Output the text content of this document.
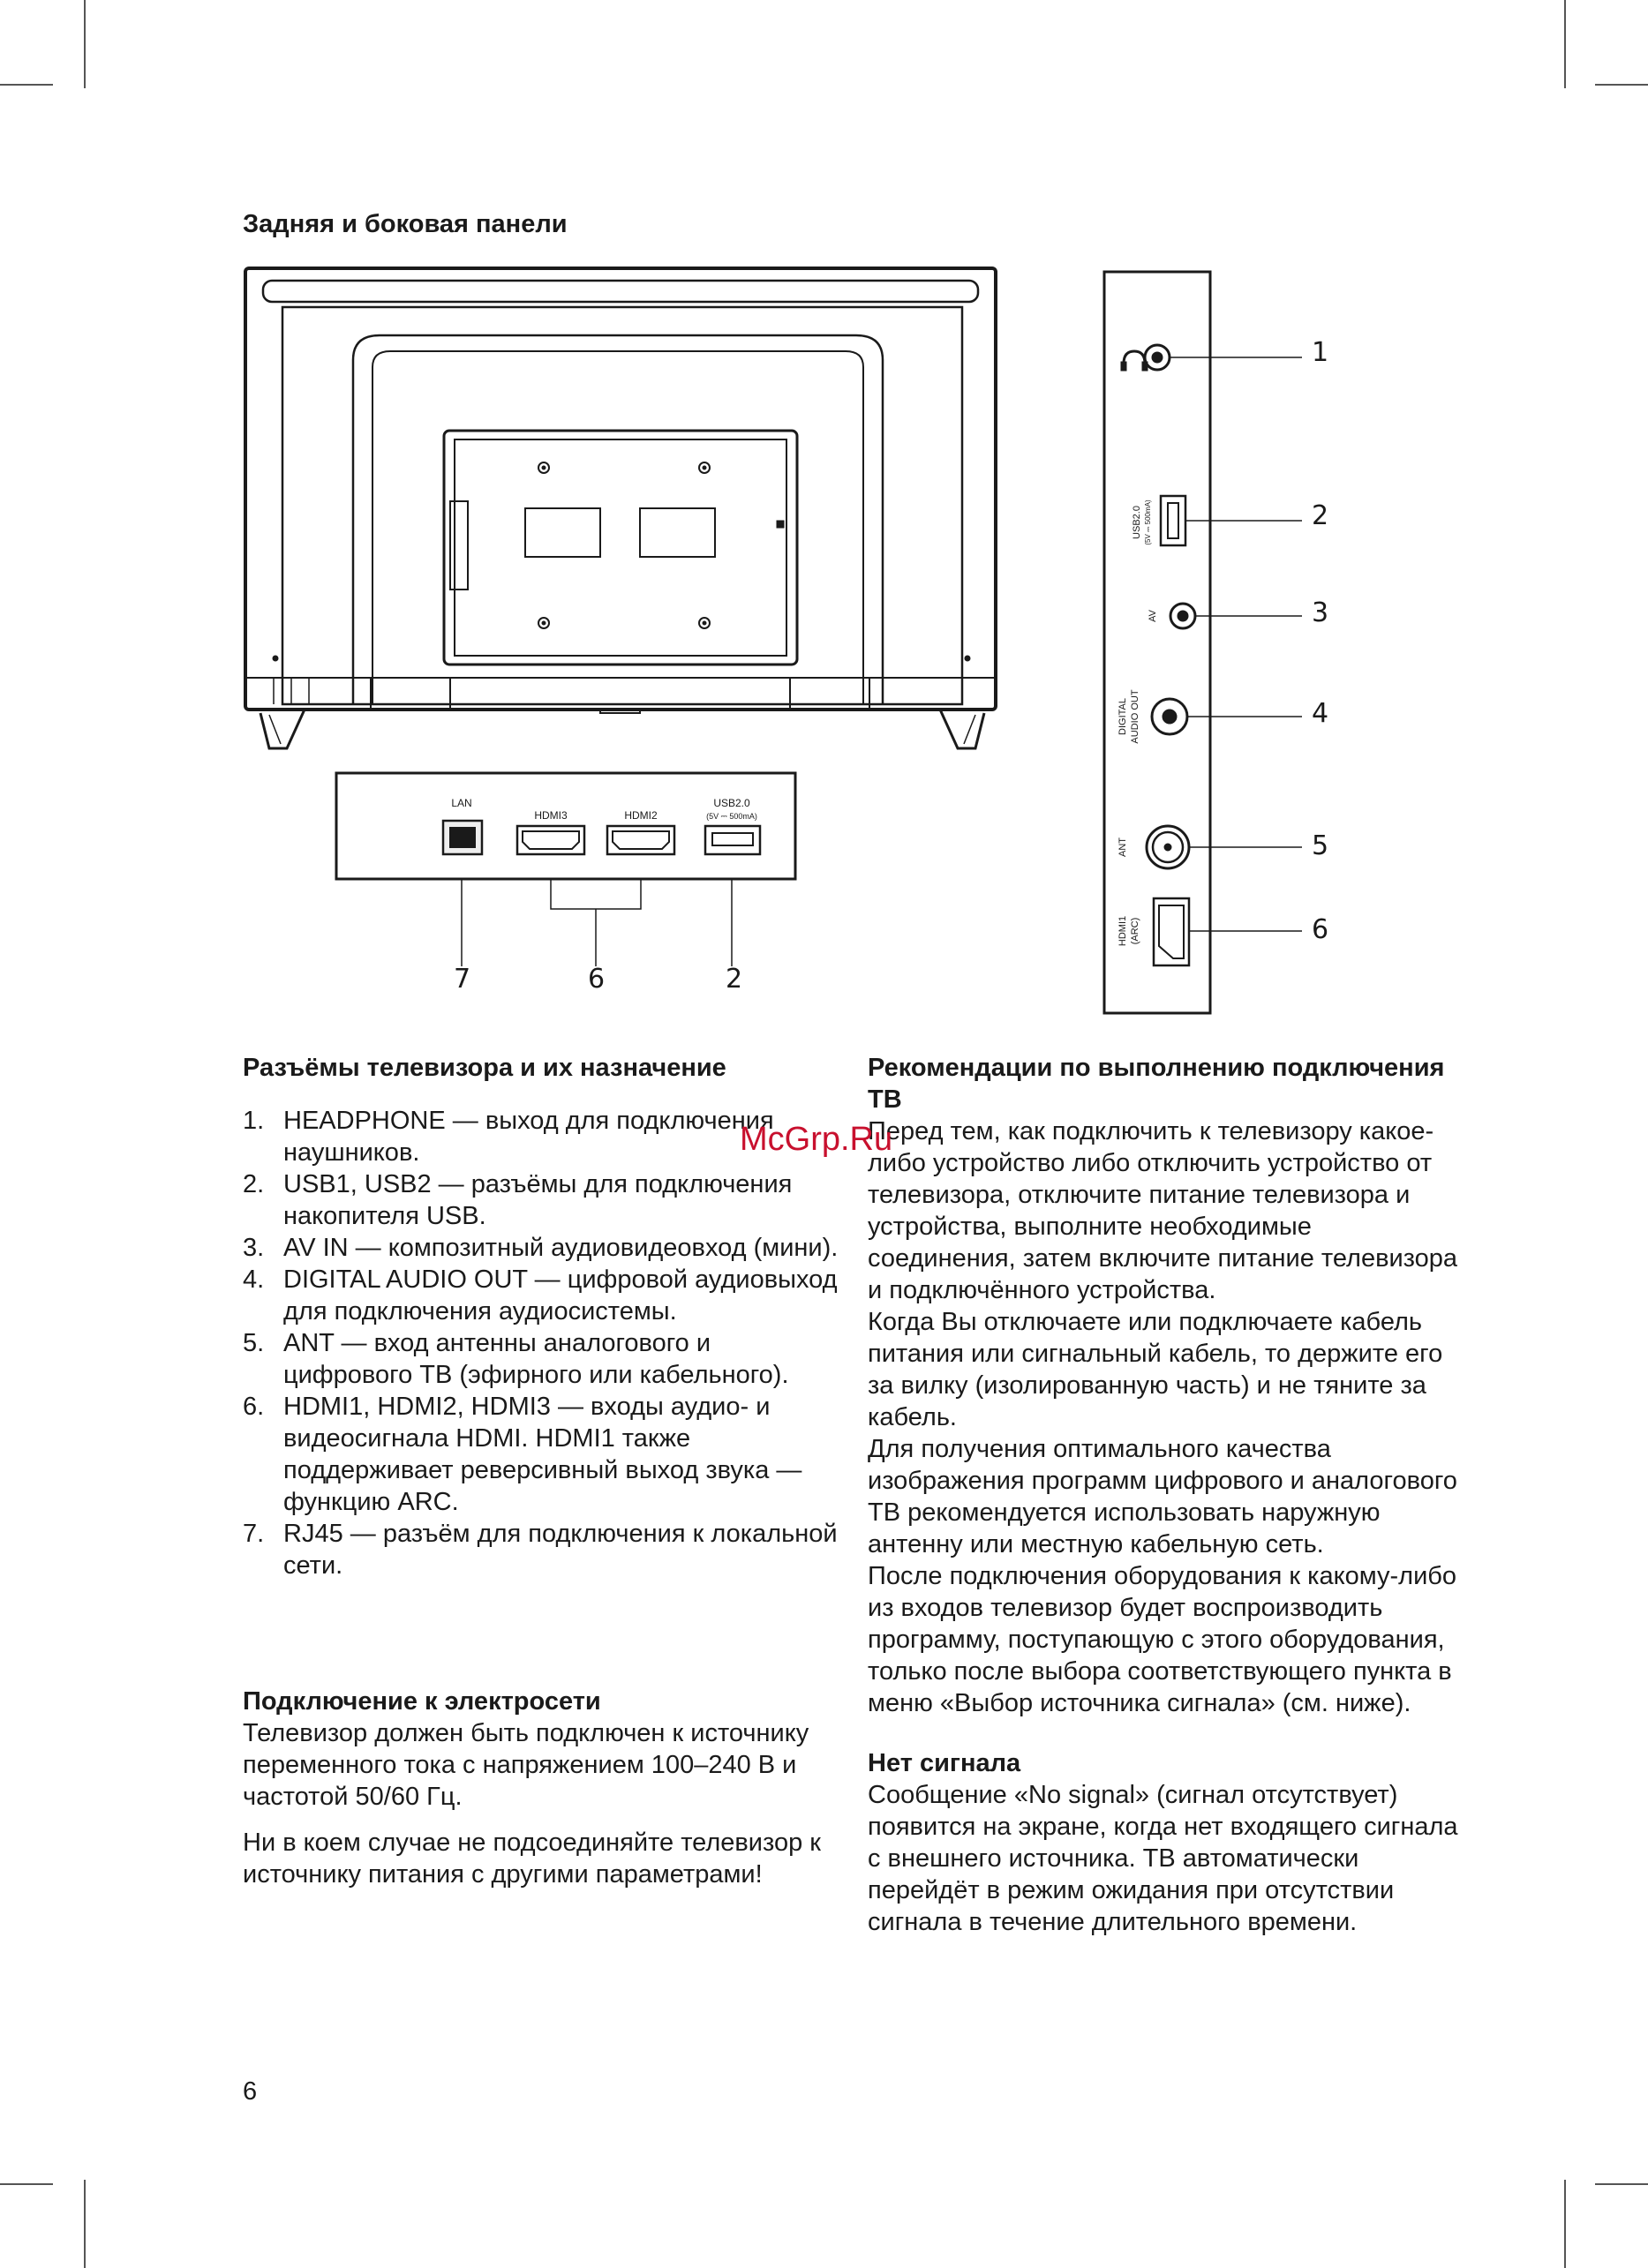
Задняя и боковая панели
LAN
HDMI3	HDMI2
USB2.0
(5V ⎓ 500mA)
7	6	2
USB2.0 (5V ⎓ 500mA)
AV
DIGITAL AUDIO OUT
ANT
HDMI1 (ARC)
1
2
3
4
5
6
Разъёмы телевизора и их назначение
1. HEADPHONE — выход для подключения наушников.
2. USB1, USB2 — разъёмы для подключения накопителя USB.
3. AV IN — композитный аудиовидеовход (мини).
4. DIGITAL AUDIO OUT — цифровой аудиовыход для подключения аудиосистемы.
5. ANT — вход антенны аналогового и цифрового ТВ (эфирного или кабельного).
6. HDMI1, HDMI2, HDMI3 — входы аудио- и видеосигнала HDMI. HDMI1 также поддерживает реверсивный выход звука — функцию ARC.
7. RJ45 — разъём для подключения к локальной сети.
Подключение к электросети
Телевизор должен быть подключен к источнику переменного тока с напряжением 100–240 В и частотой 50/60 Гц.
Ни в коем случае не подсоединяйте телевизор к источнику питания с другими параметрами!
Рекомендации по выполнению подключения ТВ
Перед тем, как подключить к телевизору какое-либо устройство либо отключить устройство от телевизора, отключите питание телевизора и устройства, выполните необходимые соединения, затем включите питание телевизора и подключённого устройства.
Когда Вы отключаете или подключаете кабель питания или сигнальный кабель, то держите его за вилку (изолированную часть) и не тяните за кабель.
Для получения оптимального качества изображения программ цифрового и аналогового ТВ рекомендуется использовать наружную антенну или местную кабельную сеть.
После подключения оборудования к какому-либо из входов телевизор будет воспроизводить программу, поступающую с этого оборудования, только после выбора соответствующего пункта в меню «Выбор источника сигнала» (см. ниже).
Нет сигнала
Сообщение «No signal» (сигнал отсутствует) появится на экране, когда нет входящего сигнала с внешнего источника. ТВ автоматически перейдёт в режим ожидания при отсутствии сигнала в течение длительного времени.
McGrp.Ru
6
